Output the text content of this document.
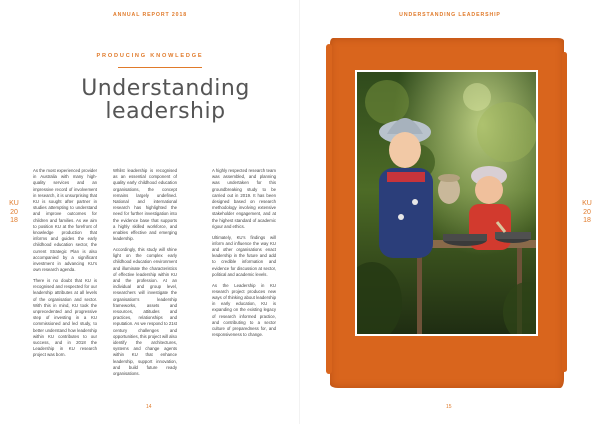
ANNUAL REPORT 2018
PRODUCING KNOWLEDGE
Understanding
leadership
KU
20
18

As the most experienced provider in Australia with many high-quality services and an impressive record of involvement in research, it is unsurprising that KU is sought after partner in studies attempting to understand and improve outcomes for children and families. As we aim to position KU at the forefront of knowledge production that informs and guides the early childhood education sector, the current Strategic Plan is also accompanied by a significant investment in advancing KU’s own research agenda.

There is no doubt that KU is recognised and respected for our leadership attributes at all levels of the organisation and sector. With this in mind, KU took the unprecedented and progressive step of investing in a KU commissioned and led study, to better understand how leadership within KU contributes to our success, and in 2018 the Leadership in KU research project was born.

Whilst leadership is recognised as an essential component of quality early childhood education organisations, the concept remains largely undefined. National and international research has highlighted the need for further investigation into the evidence base that supports a highly skilled workforce, and enables effective and emerging leadership.

Accordingly, this study will shine light on the complex early childhood education environment and illuminate the characteristics of effective leadership within KU and the profession. At an individual and group level, researchers will investigate the organisation’s leadership frameworks, assets and resources, attitudes and practices, relationships and reputation. As we respond to 21st century challenges and opportunities, this project will also identify the architectures, systems and change agents within KU that enhance leadership, support innovation, and build future ready organisations.

A highly respected research team was assembled, and planning was undertaken for this groundbreaking study to be carried out in 2019. It has been designed based on research methodology involving extensive stakeholder engagement, and at the highest standard of academic rigour and ethics.

Ultimately, KU’s findings will inform and influence the way KU and other organisations enact leadership in the future and add to credible information and evidence for discussion at sector, political and academic levels.

As the Leadership in KU research project produces new ways of thinking about leadership in early education, KU is expanding on the existing legacy of research informed practice, and contributing to a sector culture of preparedness for, and responsiveness to change.

14
UNDERSTANDING LEADERSHIP
KU
20
18
15
